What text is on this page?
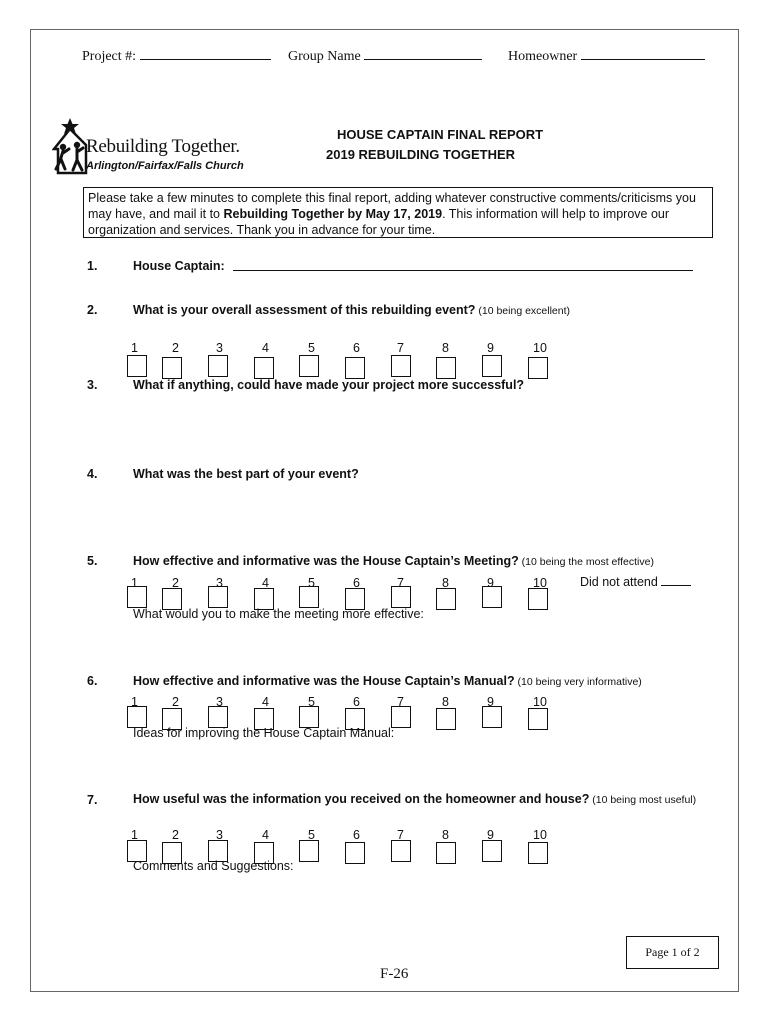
Project #:	Group Name	Homeowner
Rebuilding Together.
Arlington/Fairfax/Falls Church
HOUSE CAPTAIN FINAL REPORT
2019 REBUILDING TOGETHER
Please take a few minutes to complete this final report, adding whatever constructive comments/criticisms you may have, and mail it to Rebuilding Together by May 17, 2019. This information will help to improve our organization and services. Thank you in advance for your time.
1.	House Captain:
2.	What is your overall assessment of this rebuilding event? (10 being excellent)
1	2	3	4	5	6	7	8	9	10
3.	What if anything, could have made your project more successful?
4.	What was the best part of your event?
5.	How effective and informative was the House Captain’s Meeting? (10 being the most effective)
1	2	3	4	5	6	7	8	9	10	Did not attend
What would you to make the meeting more effective:
6.	How effective and informative was the House Captain’s Manual? (10 being very informative)
1	2	3	4	5	6	7	8	9	10
Ideas for improving the House Captain Manual:
7.	How useful was the information you received on the homeowner and house? (10 being most useful)
1	2	3	4	5	6	7	8	9	10
Comments and Suggestions:
Page 1 of 2
F-26
